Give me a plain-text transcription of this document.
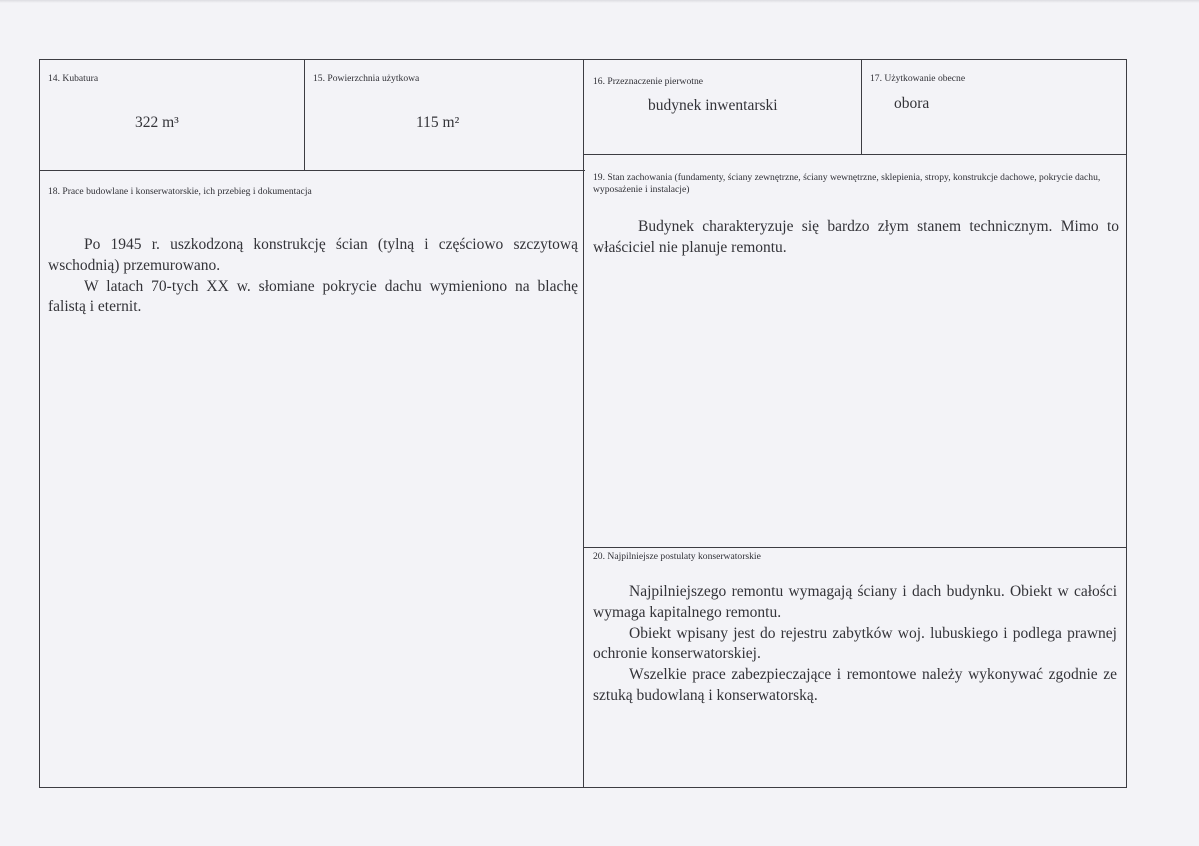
14. Kubatura
322 m³
15. Powierzchnia użytkowa
115 m²
18. Prace budowlane i konserwatorskie, ich przebieg i dokumentacja

Po 1945 r. uszkodzoną konstrukcję ścian (tylną i częściowo szczytową wschodnią) przemurowano.

W latach 70-tych XX w. słomiane pokrycie dachu wymieniono na blachę falistą i eternit.

16. Przeznaczenie pierwotne
budynek inwentarski
17. Użytkowanie obecne
obora
19. Stan zachowania (fundamenty, ściany zewnętrzne, ściany wewnętrzne, sklepienia, stropy, konstrukcje dachowe, pokrycie dachu, wyposażenie i instalacje)

Budynek charakteryzuje się bardzo złym stanem technicznym. Mimo to właściciel nie planuje remontu.

20. Najpilniejsze postulaty konserwatorskie

Najpilniejszego remontu wymagają ściany i dach budynku. Obiekt w całości wymaga kapitalnego remontu.

Obiekt wpisany jest do rejestru zabytków woj. lubuskiego i podlega prawnej ochronie konserwatorskiej.

Wszelkie prace zabezpieczające i remontowe należy wykonywać zgodnie ze sztuką budowlaną i konserwatorską.
